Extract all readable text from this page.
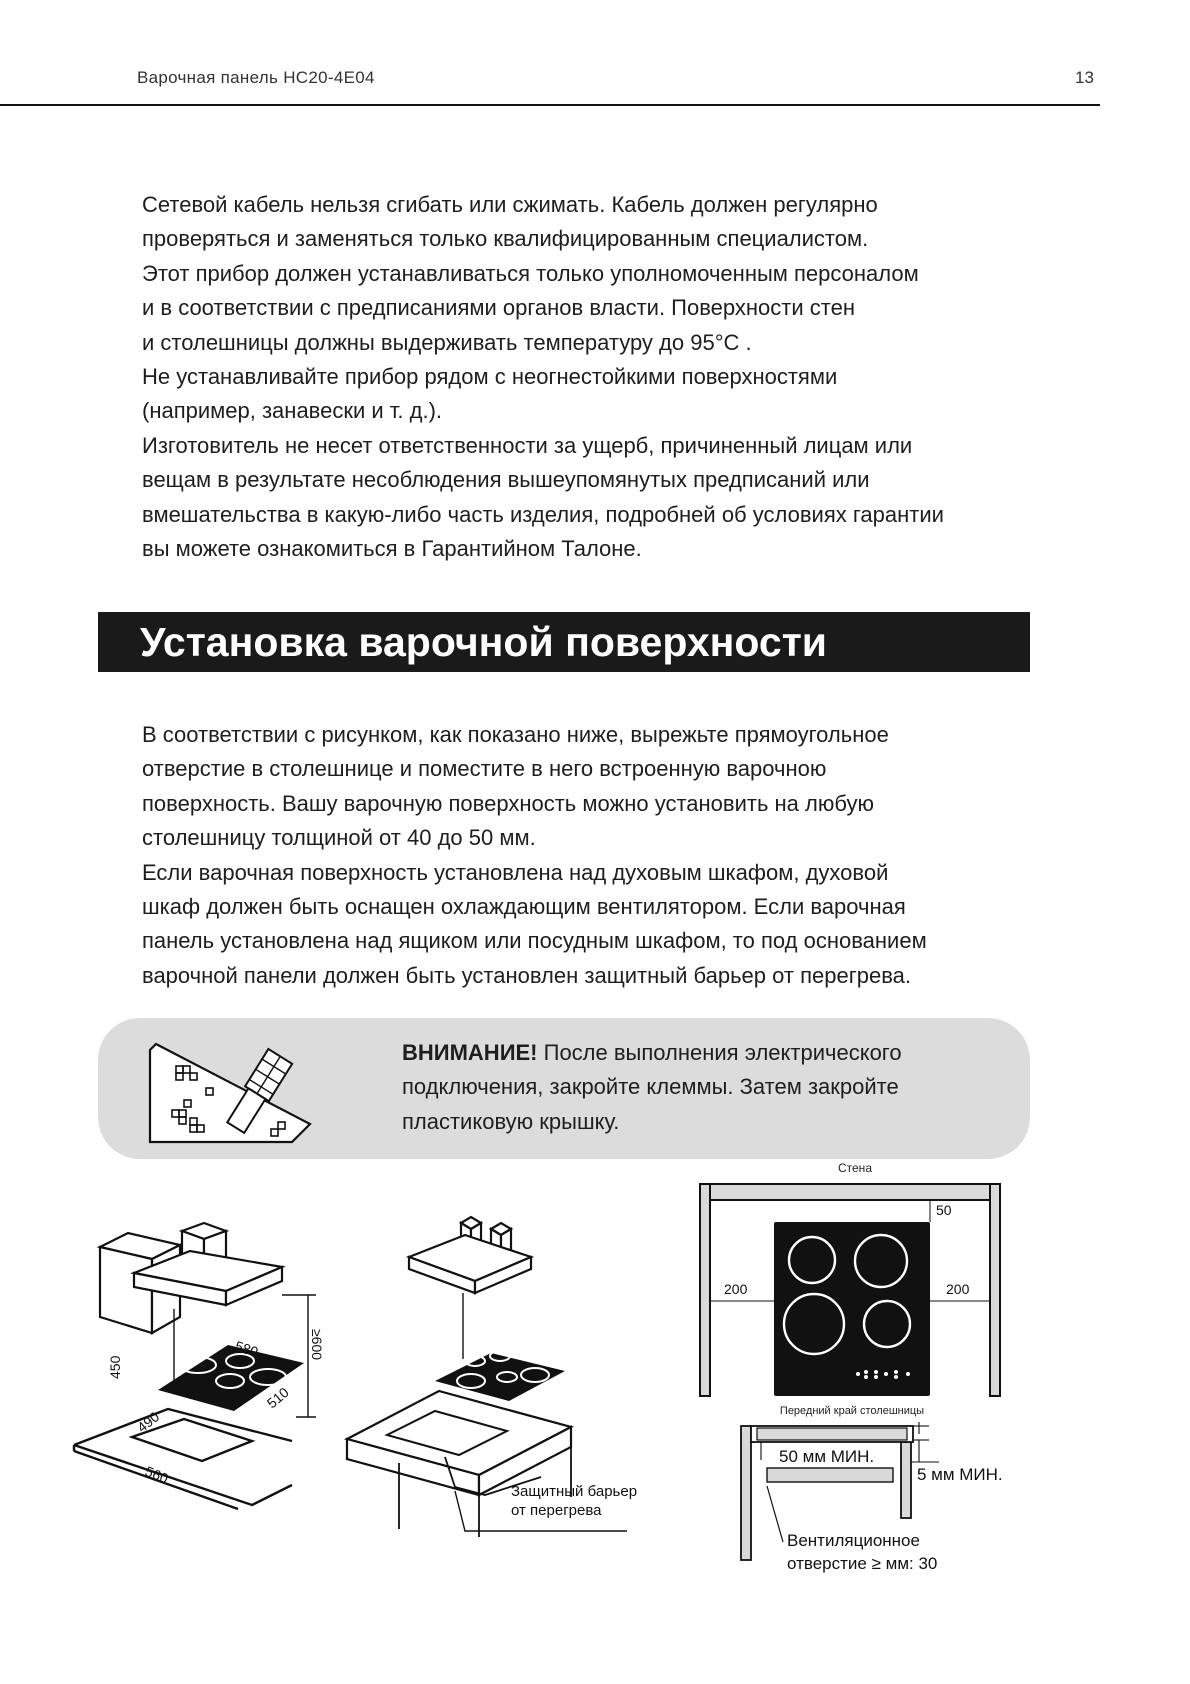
Варочная панель HC20-4E04	13

Сетевой кабель нельзя сгибать или сжимать. Кабель должен регулярно

проверяться и заменяться только квалифицированным специалистом.

Этот прибор должен устанавливаться только уполномоченным персоналом

и в соответствии с предписаниями органов власти. Поверхности стен

и столешницы должны выдерживать температуру до 95°C .

Не устанавливайте прибор рядом с неогнестойкими поверхностями

(например, занавески и т. д.).

Изготовитель не несет ответственности за ущерб, причиненный лицам или

вещам в результате несоблюдения вышеупомянутых предписаний или

вмешательства в какую-либо часть изделия, подробней об условиях гарантии

вы можете ознакомиться в Гарантийном Талоне.

Установка варочной поверхности

В соответствии с рисунком, как показано ниже, вырежьте прямоугольное

отверстие в столешнице и поместите в него встроенную варочною

поверхность. Вашу варочную поверхность можно установить на любую

столешницу толщиной от 40 до 50 мм.

Если варочная поверхность установлена над духовым шкафом, духовой

шкаф должен быть оснащен охлаждающим вентилятором. Если варочная

панель установлена над ящиком или посудным шкафом, то под основанием

варочной панели должен быть установлен защитный барьер от перегрева.

ВНИМАНИЕ! После выполнения электрического
подключения, закройте клеммы. Затем закройте
пластиковую крышку.
450
≥600
580
510
490
560
Защитный барьер
от перегрева
Стена
50
200	200
Передний край столешницы
50 мм МИН.
5 мм МИН.
Вентиляционное
отверстие ≥ мм: 30
